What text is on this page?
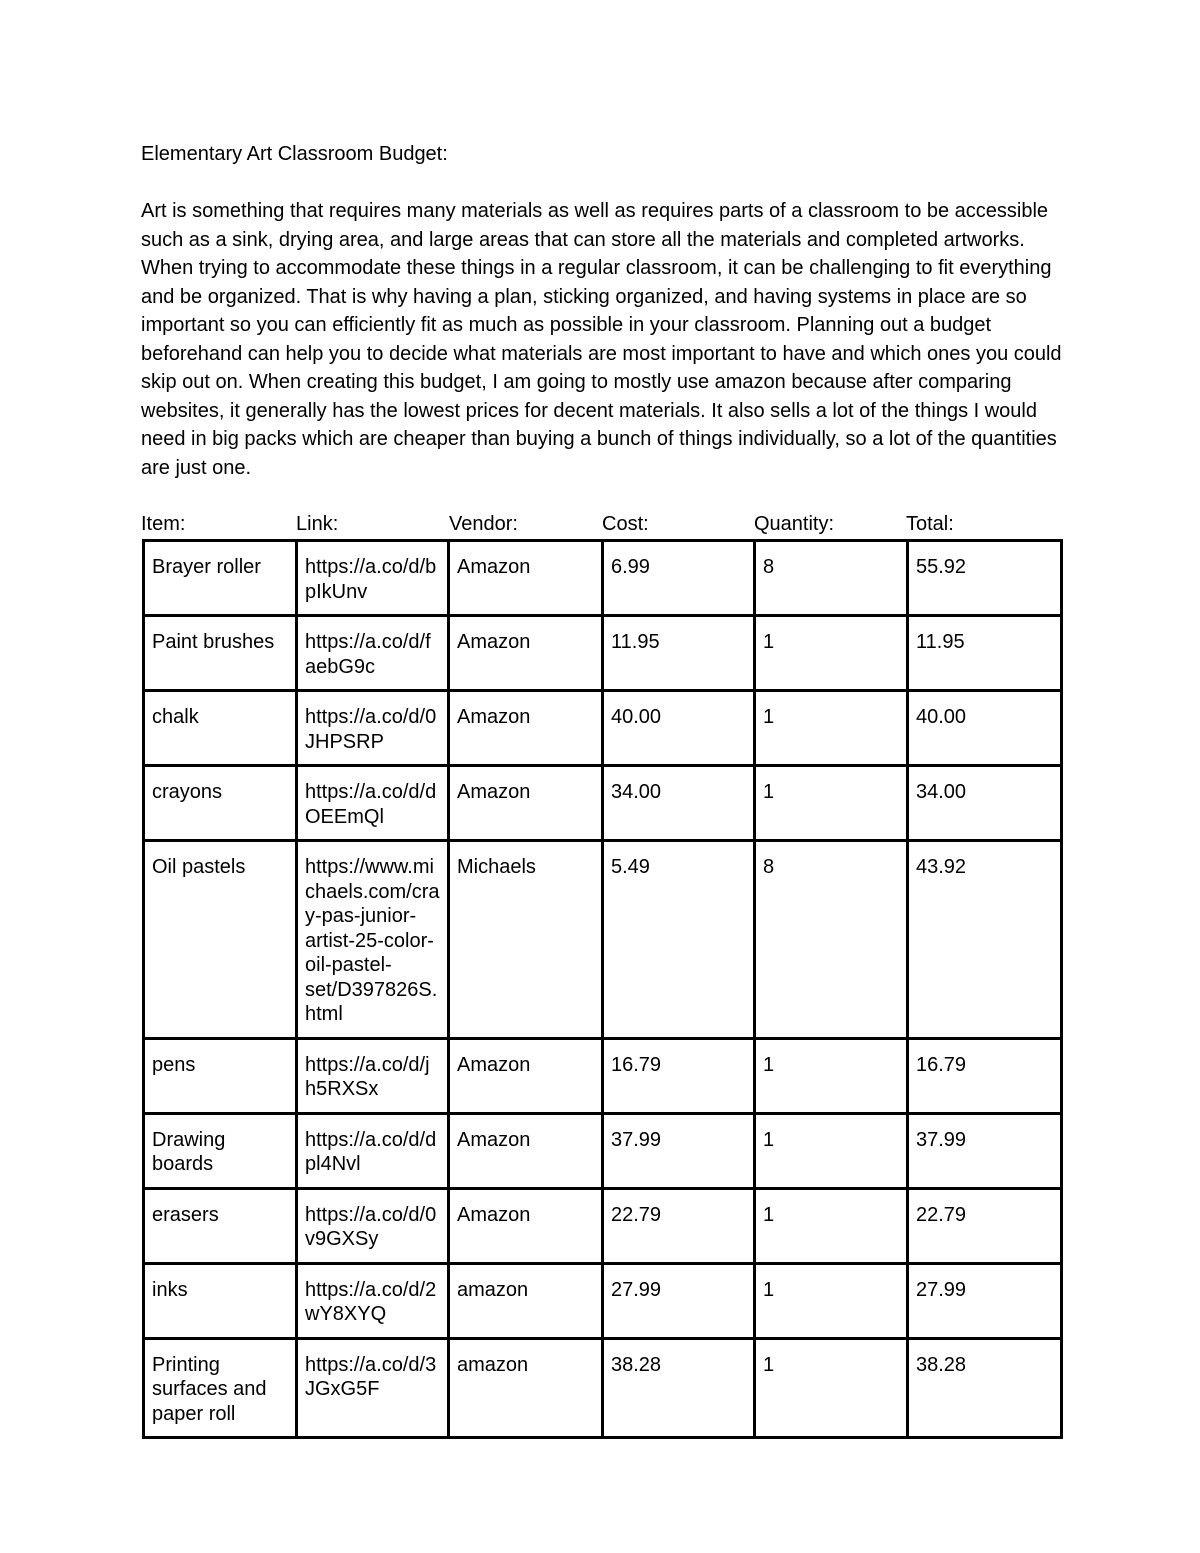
Elementary Art Classroom Budget:

Art is something that requires many materials as well as requires parts of a classroom to be accessible such as a sink, drying area, and large areas that can store all the materials and completed artworks. When trying to accommodate these things in a regular classroom, it can be challenging to fit everything and be organized. That is why having a plan, sticking organized, and having systems in place are so important so you can efficiently fit as much as possible in your classroom. Planning out a budget beforehand can help you to decide what materials are most important to have and which ones you could skip out on. When creating this budget, I am going to mostly use amazon because after comparing websites, it generally has the lowest prices for decent materials. It also sells a lot of the things I would need in big packs which are cheaper than buying a bunch of things individually, so a lot of the quantities are just one.

Item:	Link:	Vendor:	Cost:	Quantity:	Total:
Brayer roller	https://a.co/d/bpIkUnv	Amazon	6.99	8	55.92
Paint brushes	https://a.co/d/faebG9c	Amazon	11.95	1	11.95
chalk	https://a.co/d/0JHPSRP	Amazon	40.00	1	40.00
crayons	https://a.co/d/dOEEmQl	Amazon	34.00	1	34.00
Oil pastels	https://www.michaels.com/cray-pas-junior-artist-25-color-oil-pastel-set/D397826S.html	Michaels	5.49	8	43.92
pens	https://a.co/d/jh5RXSx	Amazon	16.79	1	16.79
Drawing boards	https://a.co/d/dpl4Nvl	Amazon	37.99	1	37.99
erasers	https://a.co/d/0v9GXSy	Amazon	22.79	1	22.79
inks	https://a.co/d/2wY8XYQ	amazon	27.99	1	27.99
Printing surfaces and paper roll	https://a.co/d/3JGxG5F	amazon	38.28	1	38.28
